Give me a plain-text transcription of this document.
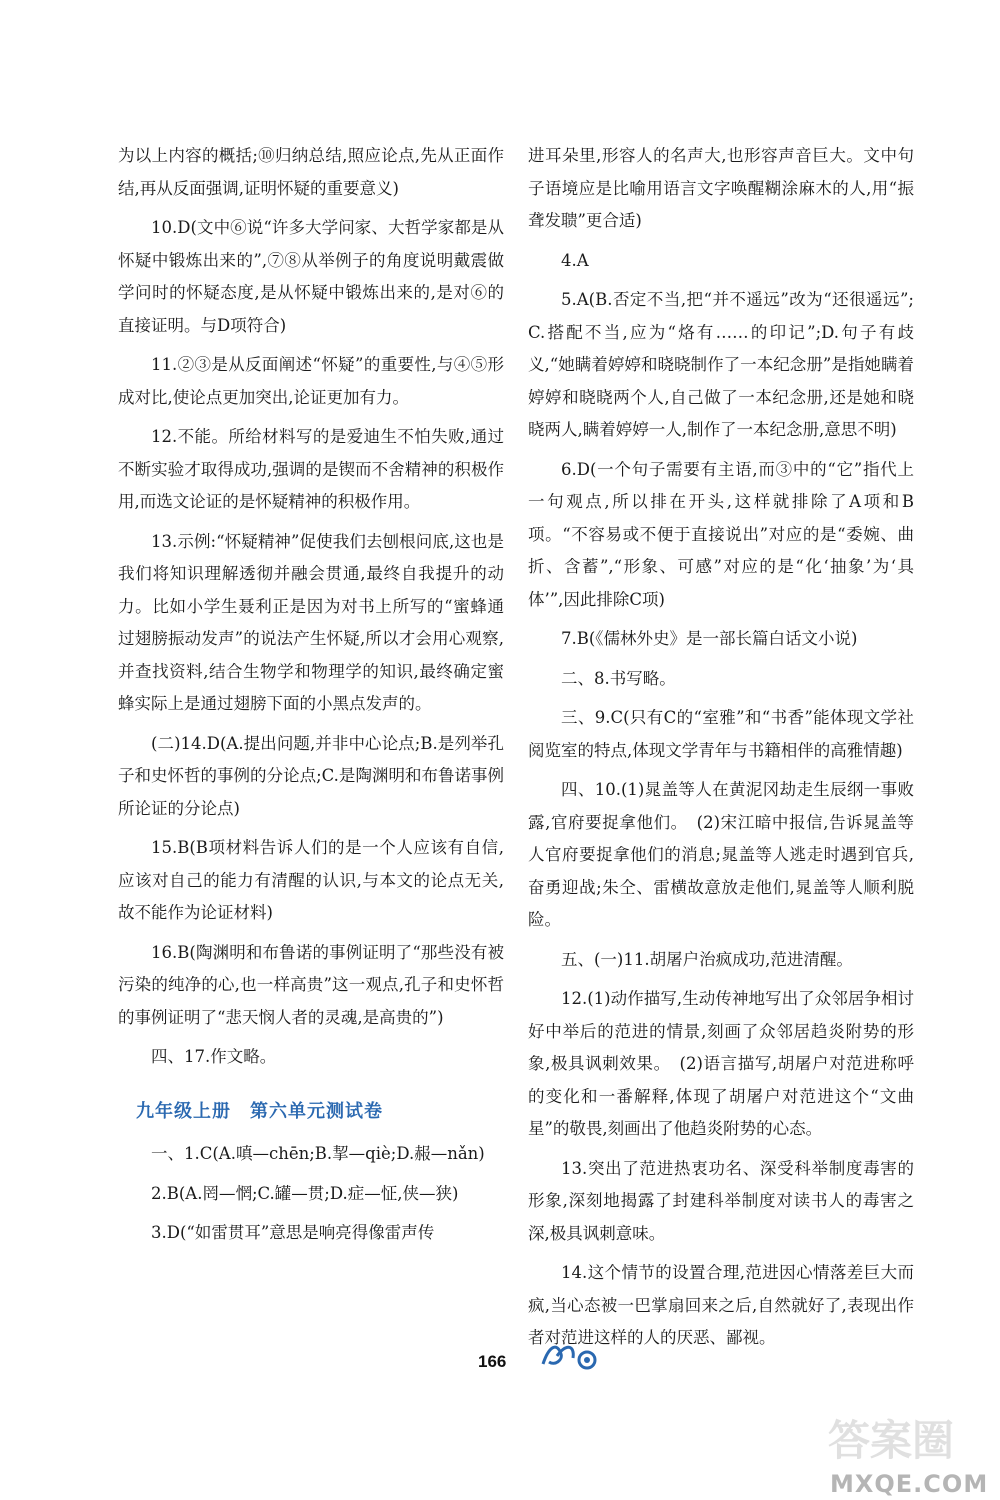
为以上内容的概括;⑩归纳总结,照应论点,先从正面作结,再从反面强调,证明怀疑的重要意义)

10.D(文中⑥说“许多大学问家、大哲学家都是从怀疑中锻炼出来的”,⑦⑧从举例子的角度说明戴震做学问时的怀疑态度,是从怀疑中锻炼出来的,是对⑥的直接证明。与D项符合)

11.②③是从反面阐述“怀疑”的重要性,与④⑤形成对比,使论点更加突出,论证更加有力。

12.不能。所给材料写的是爱迪生不怕失败,通过不断实验才取得成功,强调的是锲而不舍精神的积极作用,而选文论证的是怀疑精神的积极作用。

13.示例:“怀疑精神”促使我们去刨根问底,这也是我们将知识理解透彻并融会贯通,最终自我提升的动力。比如小学生聂利正是因为对书上所写的“蜜蜂通过翅膀振动发声”的说法产生怀疑,所以才会用心观察,并查找资料,结合生物学和物理学的知识,最终确定蜜蜂实际上是通过翅膀下面的小黑点发声的。

(二)14.D(A.提出问题,并非中心论点;B.是列举孔子和史怀哲的事例的分论点;C.是陶渊明和布鲁诺事例所论证的分论点)

15.B(B项材料告诉人们的是一个人应该有自信,应该对自己的能力有清醒的认识,与本文的论点无关,故不能作为论证材料)

16.B(陶渊明和布鲁诺的事例证明了“那些没有被污染的纯净的心,也一样高贵”这一观点,孔子和史怀哲的事例证明了“悲天悯人者的灵魂,是高贵的”)

四、17.作文略。

九年级上册　第六单元测试卷

一、1.C(A.嗔—chēn;B.挈—qiè;D.赧—nǎn)

2.B(A.罔—惘;C.罐—贯;D.症—怔,侠—狭)

3.D(“如雷贯耳”意思是响亮得像雷声传

进耳朵里,形容人的名声大,也形容声音巨大。文中句子语境应是比喻用语言文字唤醒糊涂麻木的人,用“振聋发聩”更合适)

4.A

5.A(B.否定不当,把“并不遥远”改为“还很遥远”;C.搭配不当,应为“烙有……的印记”;D.句子有歧义,“她瞒着婷婷和晓晓制作了一本纪念册”是指她瞒着婷婷和晓晓两个人,自己做了一本纪念册,还是她和晓晓两人,瞒着婷婷一人,制作了一本纪念册,意思不明)

6.D(一个句子需要有主语,而③中的“它”指代上一句观点,所以排在开头,这样就排除了A项和B项。“不容易或不便于直接说出”对应的是“委婉、曲折、含蓄”,“形象、可感”对应的是“化‘抽象’为‘具体’”,因此排除C项)

7.B(《儒林外史》是一部长篇白话文小说)

二、8.书写略。

三、9.C(只有C的“室雅”和“书香”能体现文学社阅览室的特点,体现文学青年与书籍相伴的高雅情趣)

四、10.(1)晁盖等人在黄泥冈劫走生辰纲一事败露,官府要捉拿他们。　(2)宋江暗中报信,告诉晁盖等人官府要捉拿他们的消息;晁盖等人逃走时遇到官兵,奋勇迎战;朱仝、雷横故意放走他们,晁盖等人顺利脱险。

五、(一)11.胡屠户治疯成功,范进清醒。

12.(1)动作描写,生动传神地写出了众邻居争相讨好中举后的范进的情景,刻画了众邻居趋炎附势的形象,极具讽刺效果。　(2)语言描写,胡屠户对范进称呼的变化和一番解释,体现了胡屠户对范进这个“文曲星”的敬畏,刻画出了他趋炎附势的心态。

13.突出了范进热衷功名、深受科举制度毒害的形象,深刻地揭露了封建科举制度对读书人的毒害之深,极具讽刺意味。

14.这个情节的设置合理,范进因心情落差巨大而疯,当心态被一巴掌扇回来之后,自然就好了,表现出作者对范进这样的人的厌恶、鄙视。

166
答案圈
MXQE.COM
